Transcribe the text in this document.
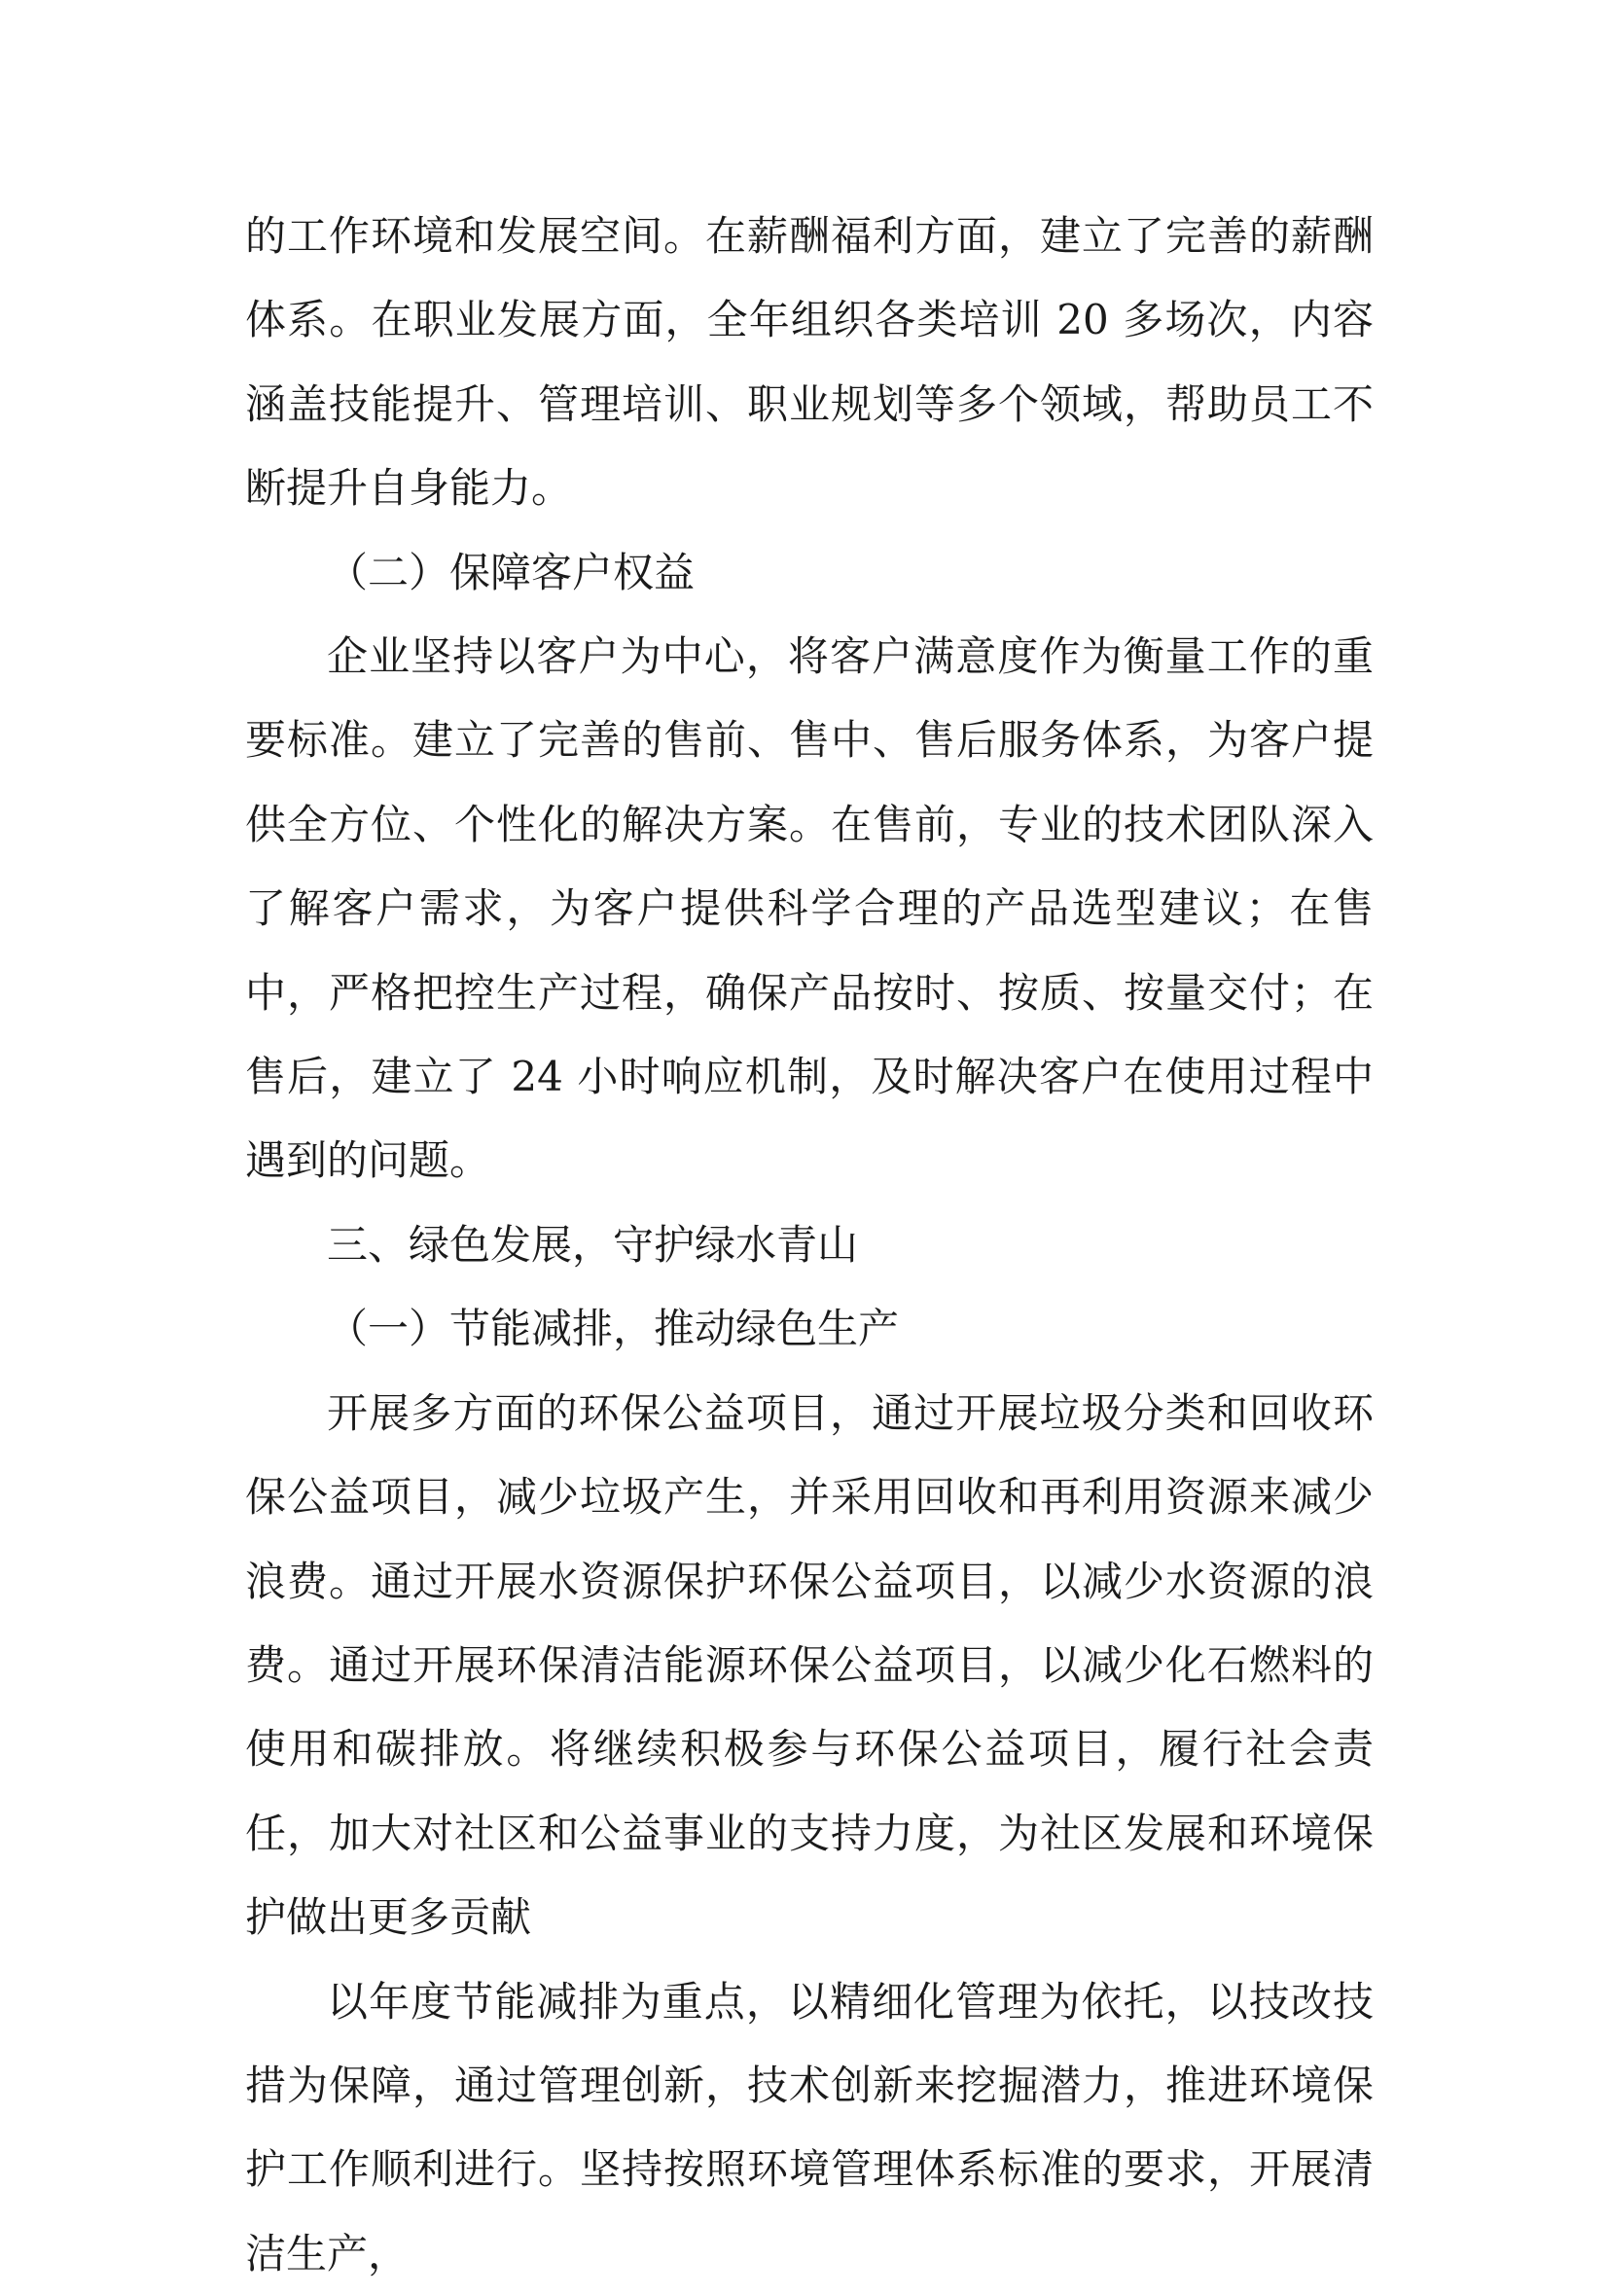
的工作环境和发展空间。在薪酬福利方面，建立了完善的薪酬体系。在职业发展方面，全年组织各类培训 20 多场次，内容涵盖技能提升、管理培训、职业规划等多个领域，帮助员工不断提升自身能力。

（二）保障客户权益

企业坚持以客户为中心，将客户满意度作为衡量工作的重要标准。建立了完善的售前、售中、售后服务体系，为客户提供全方位、个性化的解决方案。在售前，专业的技术团队深入了解客户需求，为客户提供科学合理的产品选型建议；在售中，严格把控生产过程，确保产品按时、按质、按量交付；在售后，建立了 24 小时响应机制，及时解决客户在使用过程中遇到的问题。

三、绿色发展，守护绿水青山
（一）节能减排，推动绿色生产

开展多方面的环保公益项目，通过开展垃圾分类和回收环保公益项目，减少垃圾产生，并采用回收和再利用资源来减少浪费。通过开展水资源保护环保公益项目，以减少水资源的浪费。通过开展环保清洁能源环保公益项目，以减少化石燃料的使用和碳排放。将继续积极参与环保公益项目，履行社会责任，加大对社区和公益事业的支持力度，为社区发展和环境保护做出更多贡献

以年度节能减排为重点，以精细化管理为依托，以技改技措为保障，通过管理创新，技术创新来挖掘潜力，推进环境保护工作顺利进行。坚持按照环境管理体系标准的要求，开展清洁生产，
